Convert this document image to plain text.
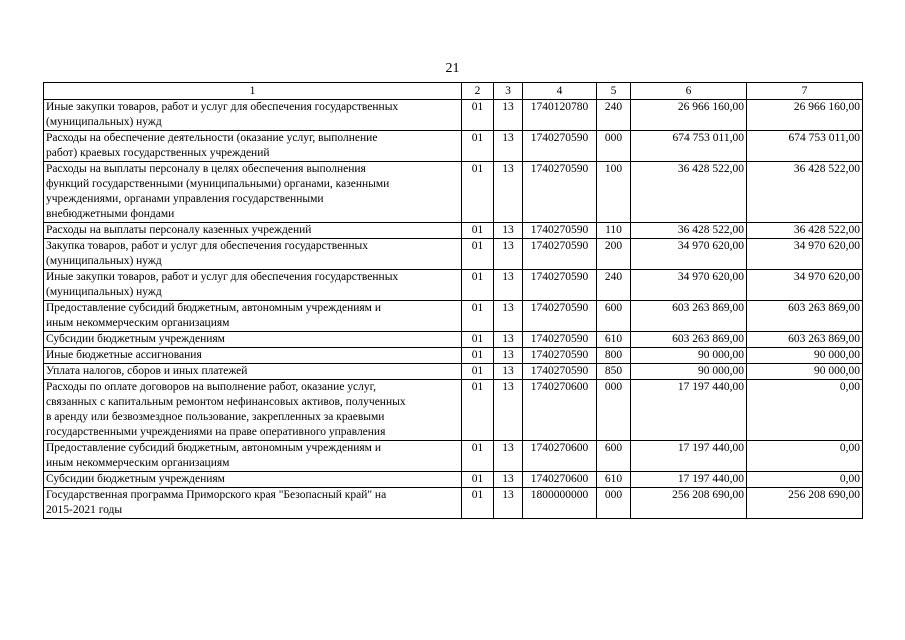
21
1	2	3	4	5	6	7

Иные закупки товаров, работ и услуг для обеспечения государственных
(муниципальных) нужд	01	13	1740120780	240	26 966 160,00	26 966 160,00

Расходы на обеспечение деятельности (оказание услуг, выполнение
работ) краевых государственных учреждений	01	13	1740270590	000	674 753 011,00	674 753 011,00

Расходы на выплаты персоналу в целях обеспечения выполнения
функций государственными (муниципальными) органами, казенными
учреждениями, органами управления государственными
внебюджетными фондами	01	13	1740270590	100	36 428 522,00	36 428 522,00

Расходы на выплаты персоналу казенных учреждений	01	13	1740270590	110	36 428 522,00	36 428 522,00

Закупка товаров, работ и услуг для обеспечения государственных
(муниципальных) нужд	01	13	1740270590	200	34 970 620,00	34 970 620,00

Иные закупки товаров, работ и услуг для обеспечения государственных
(муниципальных) нужд	01	13	1740270590	240	34 970 620,00	34 970 620,00

Предоставление субсидий бюджетным, автономным учреждениям и
иным некоммерческим организациям	01	13	1740270590	600	603 263 869,00	603 263 869,00

Субсидии бюджетным учреждениям	01	13	1740270590	610	603 263 869,00	603 263 869,00

Иные бюджетные ассигнования	01	13	1740270590	800	90 000,00	90 000,00

Уплата налогов, сборов и иных платежей	01	13	1740270590	850	90 000,00	90 000,00

Расходы по оплате договоров на выполнение работ, оказание услуг,
связанных с капитальным ремонтом нефинансовых активов, полученных
в аренду или безвозмездное пользование, закрепленных за краевыми
государственными учреждениями на праве оперативного управления	01	13	1740270600	000	17 197 440,00	0,00

Предоставление субсидий бюджетным, автономным учреждениям и
иным некоммерческим организациям	01	13	1740270600	600	17 197 440,00	0,00

Субсидии бюджетным учреждениям	01	13	1740270600	610	17 197 440,00	0,00

Государственная программа Приморского края "Безопасный край" на
2015-2021 годы	01	13	1800000000	000	256 208 690,00	256 208 690,00
